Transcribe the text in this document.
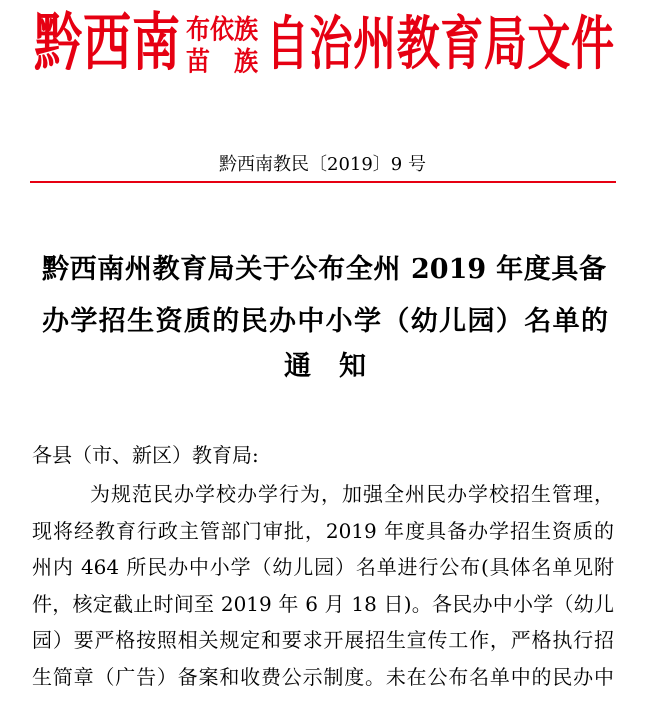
黔西南 布依族
苗 族 自治州教育局文件
黔西南教民〔2019〕9 号
黔西南州教育局关于公布全州 2019 年度具备
办学招生资质的民办中小学（幼儿园）名单的
通 知
各县（市、新区）教育局:
为规范民办学校办学行为，加强全州民办学校招生管理，
现将经教育行政主管部门审批，2019 年度具备办学招生资质的
州内 464 所民办中小学（幼儿园）名单进行公布(具体名单见附
件，核定截止时间至 2019 年 6 月 18 日)。各民办中小学（幼儿
园）要严格按照相关规定和要求开展招生宣传工作，严格执行招
生简章（广告）备案和收费公示制度。未在公布名单中的民办中
